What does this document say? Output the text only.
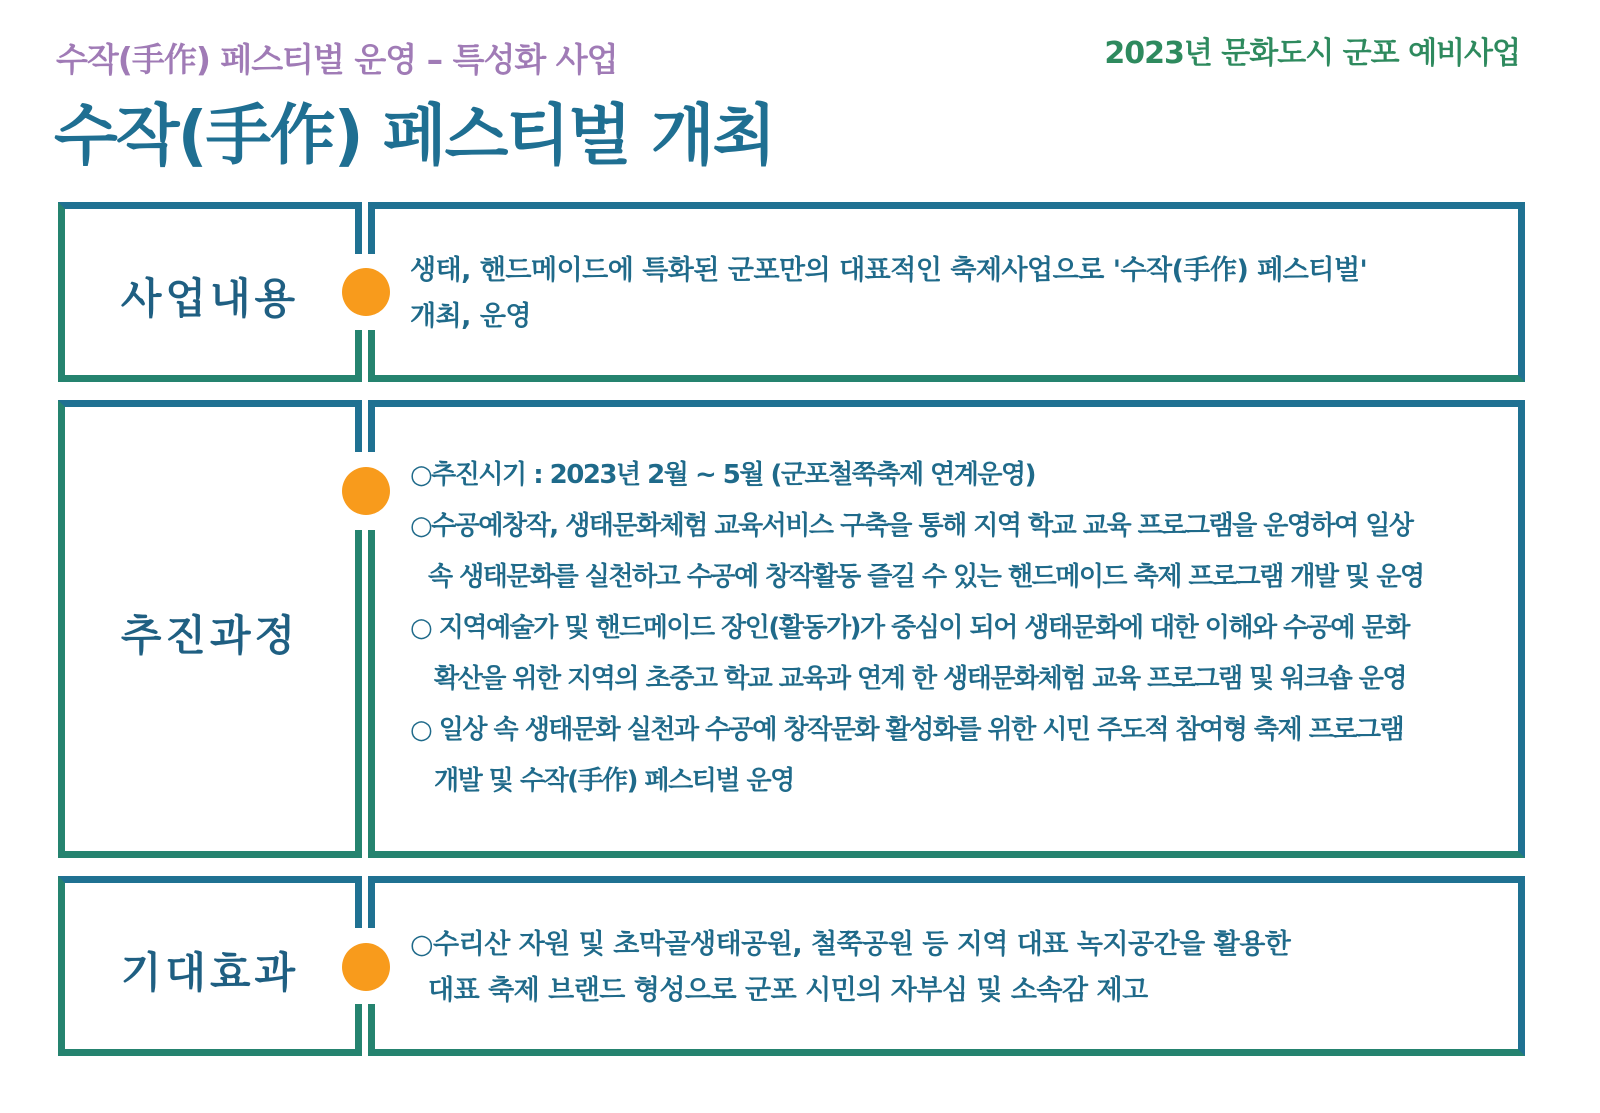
수작(手作) 페스티벌 운영 – 특성화 사업	2023년 문화도시 군포 예비사업
수작(手作) 페스티벌 개최
사업내용
생태, 핸드메이드에 특화된 군포만의 대표적인 축제사업으로 '수작(手作) 페스티벌'
개최, 운영
추진과정
○추진시기 : 2023년 2월 ~ 5월 (군포철쭉축제 연계운영)
○수공예창작, 생태문화체험 교육서비스 구축을 통해 지역 학교 교육 프로그램을 운영하여 일상
속 생태문화를 실천하고 수공예 창작활동 즐길 수 있는 핸드메이드 축제 프로그램 개발 및 운영
○ 지역예술가 및 핸드메이드 장인(활동가)가 중심이 되어 생태문화에 대한 이해와 수공예 문화
확산을 위한 지역의 초중고 학교 교육과 연계 한 생태문화체험 교육 프로그램 및 워크숍 운영
○ 일상 속 생태문화 실천과 수공예 창작문화 활성화를 위한 시민 주도적 참여형 축제 프로그램
개발 및 수작(手作) 페스티벌 운영
기대효과
○수리산 자원 및 초막골생태공원, 철쭉공원 등 지역 대표 녹지공간을 활용한
대표 축제 브랜드 형성으로 군포 시민의 자부심 및 소속감 제고
